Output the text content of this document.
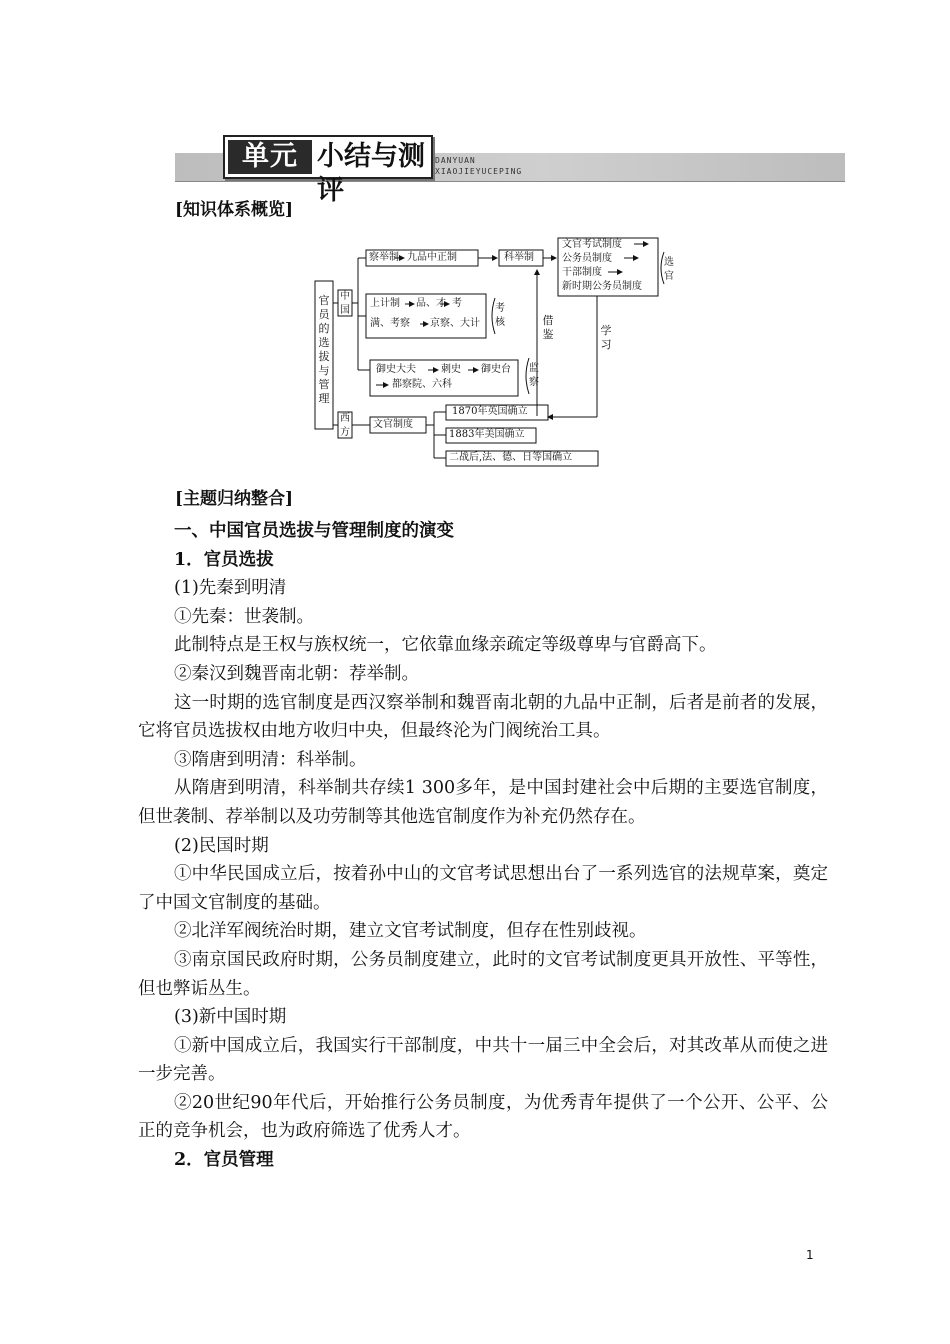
单元 小结与测评
DANYUAN
XIAOJIEYUCEPING
[知识体系概览]
官员的选拔与管理
中国
西方
察举制 九品中正制	科举制
文官考试制度
公务员制度
干部制度
新时期公务员制度
选官
上计制 品、才 考
满、考察 京察、大计
考核
御史大夫	刺史 御史台
都察院、六科
监察
借鉴	学习
文官制度
1870年英国确立
1883年美国确立
二战后,法、德、日等国确立
[主题归纳整合]

一、中国官员选拔与管理制度的演变

1．官员选拔

(1)先秦到明清

①先秦：世袭制。

此制特点是王权与族权统一，它依靠血缘亲疏定等级尊卑与官爵高下。

②秦汉到魏晋南北朝：荐举制。

这一时期的选官制度是西汉察举制和魏晋南北朝的九品中正制，后者是前者的发展，它将官员选拔权由地方收归中央，但最终沦为门阀统治工具。

③隋唐到明清：科举制。

从隋唐到明清，科举制共存续1 300多年，是中国封建社会中后期的主要选官制度，但世袭制、荐举制以及功劳制等其他选官制度作为补充仍然存在。

(2)民国时期

①中华民国成立后，按着孙中山的文官考试思想出台了一系列选官的法规草案，奠定了中国文官制度的基础。

②北洋军阀统治时期，建立文官考试制度，但存在性别歧视。

③南京国民政府时期，公务员制度建立，此时的文官考试制度更具开放性、平等性，但也弊诟丛生。

(3)新中国时期

①新中国成立后，我国实行干部制度，中共十一届三中全会后，对其改革从而使之进一步完善。

②20世纪90年代后，开始推行公务员制度，为优秀青年提供了一个公开、公平、公正的竞争机会，也为政府筛选了优秀人才。

2．官员管理

1
